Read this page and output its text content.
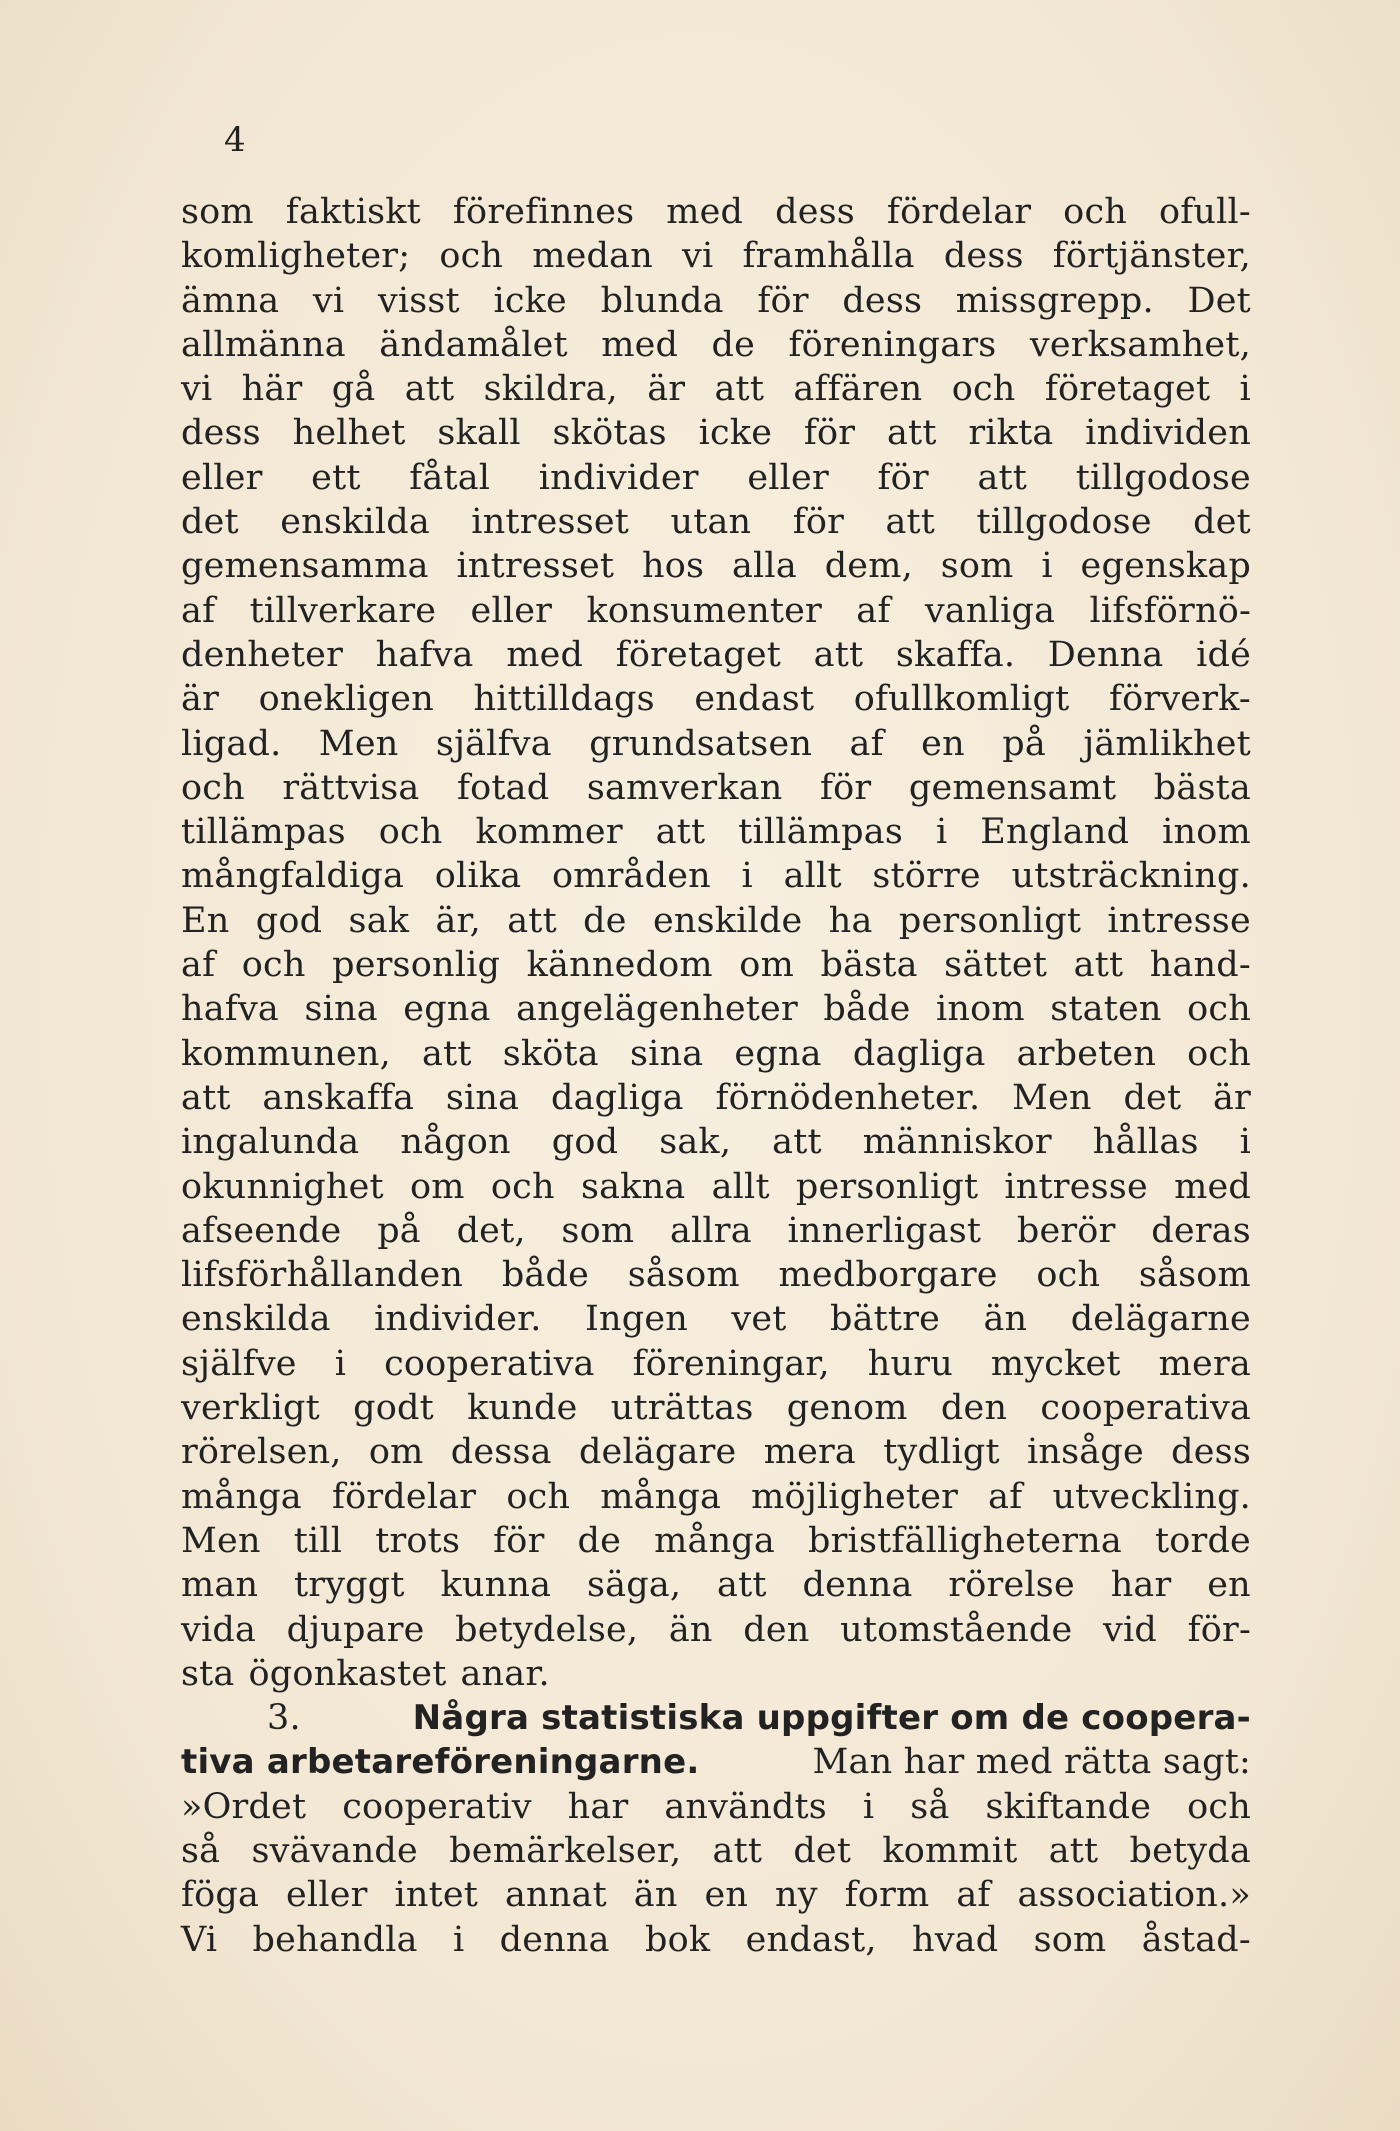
4
som faktiskt förefinnes med dess fördelar och ofull-
komligheter; och medan vi framhålla dess förtjänster,
ämna vi visst icke blunda för dess missgrepp. Det
allmänna ändamålet med de föreningars verksamhet,
vi här gå att skildra, är att affären och företaget i
dess helhet skall skötas icke för att rikta individen
eller ett fåtal individer eller för att tillgodose
det enskilda intresset utan för att tillgodose det
gemensamma intresset hos alla dem, som i egenskap
af tillverkare eller konsumenter af vanliga lifsförnö-
denheter hafva med företaget att skaffa. Denna idé
är onekligen hittilldags endast ofullkomligt förverk-
ligad. Men själfva grundsatsen af en på jämlikhet
och rättvisa fotad samverkan för gemensamt bästa
tillämpas och kommer att tillämpas i England inom
mångfaldiga olika områden i allt större utsträckning.
En god sak är, att de enskilde ha personligt intresse
af och personlig kännedom om bästa sättet att hand-
hafva sina egna angelägenheter både inom staten och
kommunen, att sköta sina egna dagliga arbeten och
att anskaffa sina dagliga förnödenheter. Men det är
ingalunda någon god sak, att människor hållas i
okunnighet om och sakna allt personligt intresse med
afseende på det, som allra innerligast berör deras
lifsförhållanden både såsom medborgare och såsom
enskilda individer. Ingen vet bättre än delägarne
själfve i cooperativa föreningar, huru mycket mera
verkligt godt kunde uträttas genom den cooperativa
rörelsen, om dessa delägare mera tydligt insåge dess
många fördelar och många möjligheter af utveckling.
Men till trots för de många bristfälligheterna torde
man tryggt kunna säga, att denna rörelse har en
vida djupare betydelse, än den utomstående vid för-
sta ögonkastet anar.
3.	Några statistiska uppgifter om de coopera-
tiva arbetareföreningarne.	Man har med rätta sagt:
»Ordet cooperativ har användts i så skiftande och
så svävande bemärkelser, att det kommit att betyda
föga eller intet annat än en ny form af association.»
Vi behandla i denna bok endast, hvad som åstad-
